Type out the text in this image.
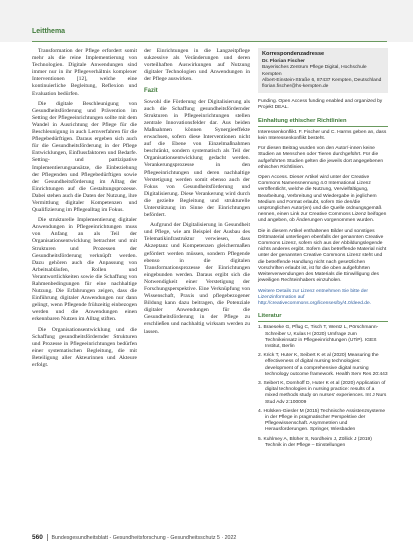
Leitthema

Transformation der Pflege erfordert somit mehr als die reine Implementierung von Technologien. Digitale Anwendungen sind immer nur in ihr Pflegeverhältnis komplexer Interventionen [12], welche eine kontinuierliche Begleitung, Reflexion und Evaluation bedürfen.

Die digitale Beschleunigung von Gesundheitsförderung und Prävention im Setting der Pflegeeinrichtungen sollte mit dem Wandel in Ausrichtung der Pflege für die Beschleunigung in auch Lernverfahren für die Pflegebedürftigen. Daraus ergeben sich auch für die Gesundheitsförderung in der Pflege Entwicklungen, Einflussfaktoren und Bedarfe. Setting- und partizipative Implementierungsansätze, die Einbeziehung der Pflegenden und Pflegebedürftigen sowie der Gesundheitsförderung im Alltag der Einrichtungen auf die Gestaltungsprozesse. Dabei stehen auch die Daten der Nutzung, ihre Vermittlung digitaler Kompetenzen und Qualifizierung im Pflegealltag im Fokus.

Die strukturelle Implementierung digitaler Anwendungen in Pflegeeinrichtungen muss von Anfang an als Teil der Organisationsentwicklung betrachtet und mit Strukturen und Prozessen der Gesundheitsförderung verknüpft werden. Dazu gehören auch die Anpassung von Arbeitsabläufen, Rollen und Verantwortlichkeiten sowie die Schaffung von Rahmenbedingungen für eine nachhaltige Nutzung. Die Erfahrungen zeigen, dass die Einführung digitaler Anwendungen nur dann gelingt, wenn Pflegende frühzeitig einbezogen werden und die Anwendungen einen erkennbaren Nutzen im Alltag stiften.

Die Organisationsentwicklung und die Schaffung gesundheitsfördernder Strukturen und Prozesse in Pflegeeinrichtungen bedürfen einer systematischen Begleitung, die mit Beteiligung aller Akteurinnen und Akteure erfolgt.

der Einrichtungen in die Langzeitpflege sukzessive als Veränderungen und deren vorteilhaften Auswirkungen auf Nutzung digitaler Technologien und Anwendungen in der Pflege auswirken.

Fazit

Sowohl die Förderung der Digitalisierung als auch die Schaffung gesundheitsfördernder Strukturen in Pflegeeinrichtungen stellen zentrale Innovationsfelder dar. Aus beiden Maßnahmen können Synergieeffekte erwachsen, sofern diese Interventionen nicht auf die Ebene von Einzelmaßnahmen beschränkt, sondern systematisch als Teil der Organisationsentwicklung gedacht werden. Verankerungsprozesse in den Pflegeeinrichtungen und deren nachhaltige Verstetigung werden somit ebenso auch der Fokus von Gesundheitsförderung und Digitalisierung. Diese Verankerung wird durch die gezielte Begleitung und strukturelle Unterstützung im Sinne der Einrichtungen befördert.

Aufgrund der Digitalisierung in Gesundheit und Pflege, wie am Beispiel der Ausbau des Telematikinfrastruktur verwiesen, dass Akzeptanz und Kompetenzen gleichermaßen gefördert werden müssen, sondern Pflegende ebenso in die digitalen Transformationsprozesse der Einrichtungen eingebunden werden. Daraus ergibt sich die Notwendigkeit einer Verstetigung der Forschungsperspektive. Eine Verknüpfung von Wissenschaft, Praxis und pflegebezogener Bildung kann dazu beitragen, die Potenziale digitaler Anwendungen für die Gesundheitsförderung in der Pflege zu erschließen und nachhaltig wirksam werden zu lassen.

Korrespondenzadresse
Dr. Florian Fischer
Bayerisches Zentrum Pflege Digital, Hochschule Kempten
Albert-Einstein-Straße 6, 87437 Kempten, Deutschland
florian.fischer@hs-kempten.de
Funding. Open Access funding enabled and organized by Projekt DEAL.
Einhaltung ethischer Richtlinien
Interessenkonflikt. F. Fischer und C. Harms geben an, dass kein Interessenkonflikt besteht.
Für diesen Beitrag wurden von den Autor/-innen keine Studien an Menschen oder Tieren durchgeführt. Für die aufgeführten Studien gelten die jeweils dort angegebenen ethischen Richtlinien.
Open Access. Dieser Artikel wird unter der Creative Commons Namensnennung 4.0 International Lizenz veröffentlicht, welche die Nutzung, Vervielfältigung, Bearbeitung, Verbreitung und Wiedergabe in jeglichem Medium und Format erlaubt, sofern Sie den/die ursprünglichen Autor(en) und die Quelle ordnungsgemäß nennen, einen Link zur Creative Commons Lizenz beifügen und angeben, ob Änderungen vorgenommen wurden.
Die in diesem Artikel enthaltenen Bilder und sonstiges Drittmaterial unterliegen ebenfalls der genannten Creative Commons Lizenz, sofern sich aus der Abbildungslegende nichts anderes ergibt. Sofern das betreffende Material nicht unter der genannten Creative Commons Lizenz steht und die betreffende Handlung nicht nach gesetzlichen Vorschriften erlaubt ist, ist für die oben aufgeführten Weiterverwendungen des Materials die Einwilligung des jeweiligen Rechteinhabers einzuholen.
Weitere Details zur Lizenz entnehmen Sie bitte der Lizenzinformation auf http://creativecommons.org/licenses/by/4.0/deed.de.
Literatur
1. Braeseke G, Pflug C, Tisch T, Wentz L, Pörschmann-Schreiber U, Kulas H (2020) Umfrage zum Technikeinsatz in Pflegeeinrichtungen (UTiP). IGES Institut, Berlin
2. Krick T, Huter K, Seibert K et al (2020) Measuring the effectiveness of digital nursing technologies: development of a comprehensive digital nursing technology outcome framework. Health Serv Res 20:443
3. Seibert K, Domhoff D, Huter K et al (2020) Application of digital technologies in nursing practice: results of a mixed methods study on nurses' experiences. Int J Nurs Stud Adv 2:100009
4. Hülsken-Giesler M (2015) Technische Assistenzsysteme in der Pflege in pragmatischer Perspektive der Pflegewissenschaft. Asymmetrien und Herausforderungen. Springer, Wiesbaden
5. Kuhlmey A, Blüher S, Nordheim J, Zöllick J (2019) Technik in der Pflege – Einstellungen
560 Bundesgesundheitsblatt - Gesundheitsforschung - Gesundheitsschutz 5 · 2022
